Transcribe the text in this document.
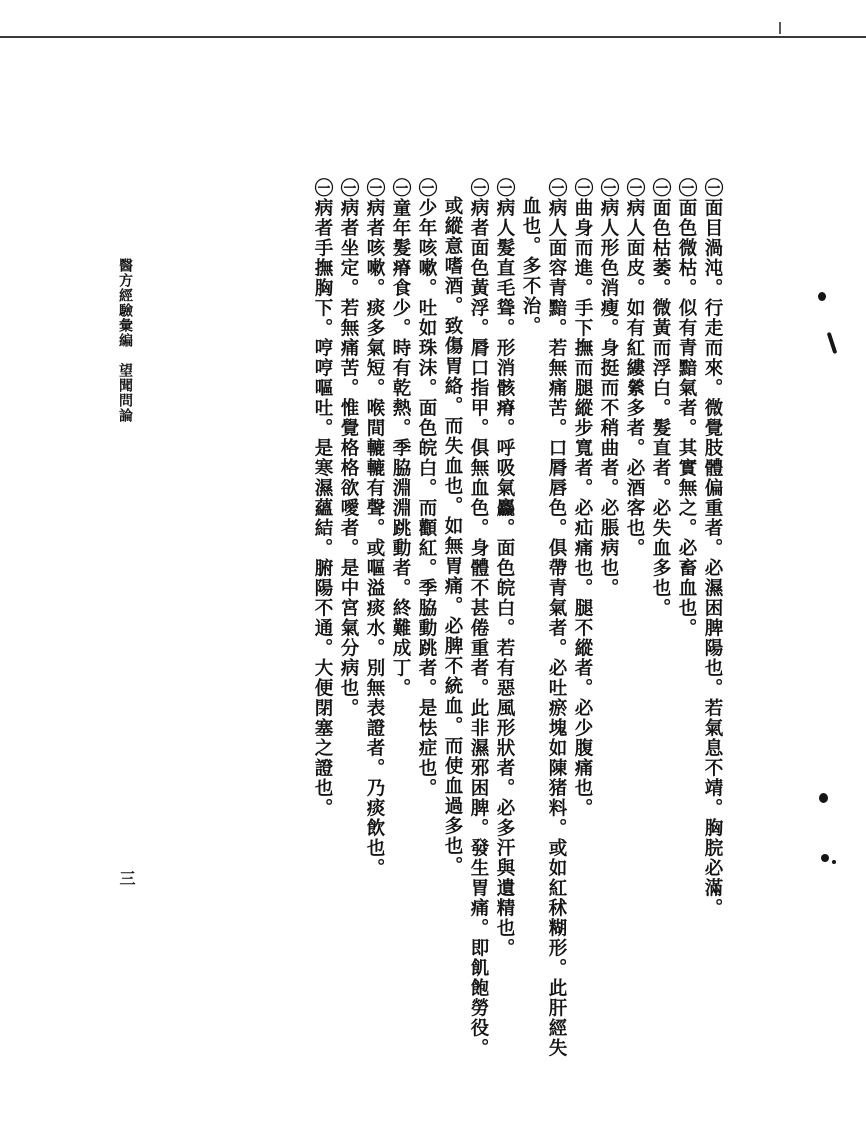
㊀面目渦沌。行走而來。微覺肢體偏重者。必濕困脾陽也。若氣息不靖。胸脘必滿。
㊀面色微枯。似有青黯氣者。其實無之。必畜血也。
㊀面色枯萎。微黃而浮白。髮直者。必失血多也。
㊀病人面皮。如有紅縷縈多者。必酒客也。
㊀病人形色消瘦。身挺而不稍曲者。必脹病也。
㊀曲身而進。手下撫而腿縱步寬者。必疝痛也。腿不縱者。必少腹痛也。
㊀病人面容青黯。若無痛苦。口脣唇色。俱帶青氣者。必吐瘀塊如陳猪料。或如紅秫糊形。此肝經失
血也。多不治。
㊀病人髮直毛聳。形消骸瘠。呼吸氣麤。面色皖白。若有惡風形狀者。必多汗與遺精也。
㊀病者面色黃浮。脣口指甲。俱無血色。身體不甚倦重者。此非濕邪困脾。發生胃痛。即飢飽勞役。
或縱意嗜酒。致傷胃絡。而失血也。如無胃痛。必脾不統血。而使血過多也。
㊀少年咳嗽。吐如珠沫。面色皖白。而顴紅。季脇動跳者。是怯症也。
㊀童年髮瘠食少。時有乾熱。季脇淵淵跳動者。終難成丁。
㊀病者咳嗽。痰多氣短。喉間轆轆有聲。或嘔溢痰水。別無表證者。乃痰飲也。
㊀病者坐定。若無痛苦。惟覺格格欲噯者。是中宮氣分病也。
㊀病者手撫胸下。哼哼嘔吐。是寒濕蘊結。腑陽不通。大便閉塞之證也。
醫方經驗彙編　望聞問論
三
